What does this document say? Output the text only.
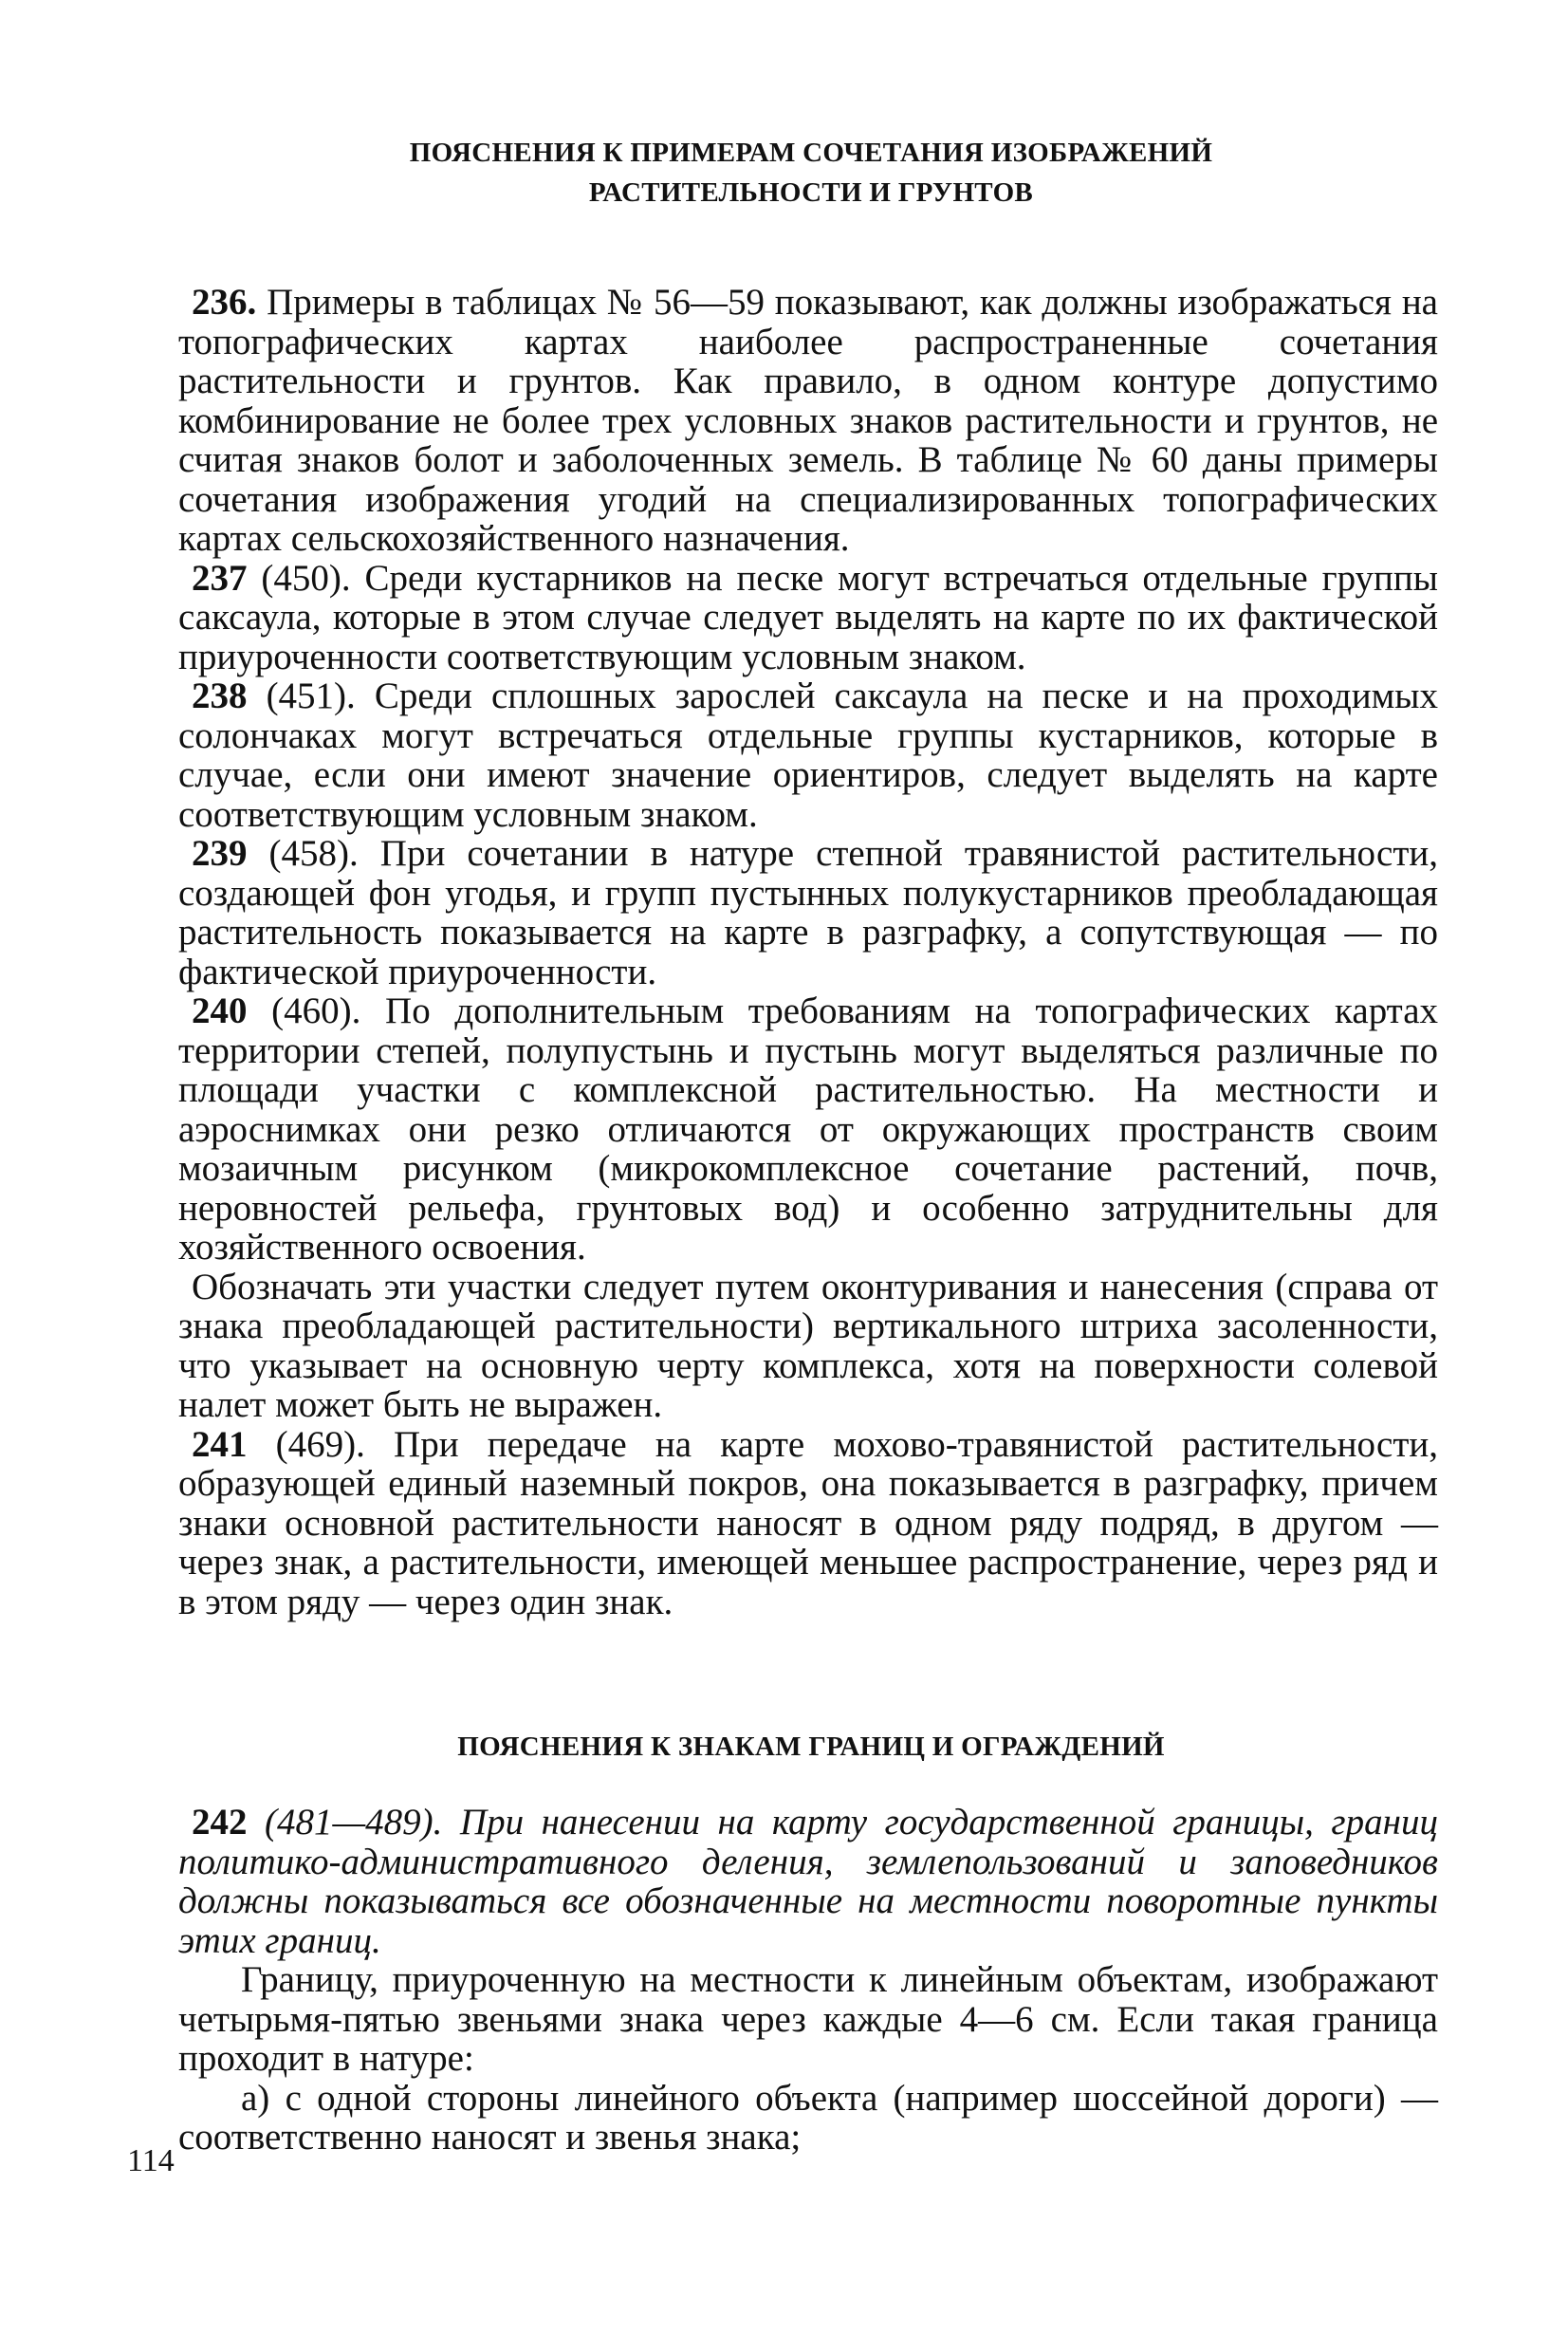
ПОЯСНЕНИЯ К ПРИМЕРАМ СОЧЕТАНИЯ ИЗОБРАЖЕНИЙ
РАСТИТЕЛЬНОСТИ И ГРУНТОВ

236. Примеры в таблицах № 56—59 показывают, как должны изображаться на топографических картах наиболее распространенные сочетания растительности и грунтов. Как правило, в одном контуре допустимо комбинирование не более трех условных знаков растительности и грунтов, не считая знаков болот и заболоченных земель. В таблице № 60 даны примеры сочетания изображения угодий на специализированных топографических картах сельскохозяйственного назначения.

237 (450). Среди кустарников на песке могут встречаться отдельные группы саксаула, которые в этом случае следует выделять на карте по их фактической приуроченности соответствующим условным знаком.

238 (451). Среди сплошных зарослей саксаула на песке и на проходимых солончаках могут встречаться отдельные группы кустарников, которые в случае, если они имеют значение ориентиров, следует выделять на карте соответствующим условным знаком.

239 (458). При сочетании в натуре степной травянистой растительности, создающей фон угодья, и групп пустынных полукустарников преобладающая растительность показывается на карте в разграфку, а сопутствующая — по фактической приуроченности.

240 (460). По дополнительным требованиям на топографических картах территории степей, полупустынь и пустынь могут выделяться различные по площади участки с комплексной растительностью. На местности и аэроснимках они резко отличаются от окружающих пространств своим мозаичным рисунком (микрокомплексное сочетание растений, почв, неровностей рельефа, грунтовых вод) и особенно затруднительны для хозяйственного освоения.

Обозначать эти участки следует путем оконтуривания и нанесения (справа от знака преобладающей растительности) вертикального штриха засоленности, что указывает на основную черту комплекса, хотя на поверхности солевой налет может быть не выражен.

241 (469). При передаче на карте мохово-травянистой растительности, образующей единый наземный покров, она показывается в разграфку, причем знаки основной растительности наносят в одном ряду подряд, в другом — через знак, а растительности, имеющей меньшее распространение, через ряд и в этом ряду — через один знак.

ПОЯСНЕНИЯ К ЗНАКАМ ГРАНИЦ И ОГРАЖДЕНИЙ

242 (481—489). При нанесении на карту государственной границы, границ политико-административного деления, землепользований и заповедников должны показываться все обозначенные на местности поворотные пункты этих границ.

Границу, приуроченную на местности к линейным объектам, изображают четырьмя-пятью звеньями знака через каждые 4—6 см. Если такая граница проходит в натуре:

а) с одной стороны линейного объекта (например шоссейной дороги) — соответственно наносят и звенья знака;

114
